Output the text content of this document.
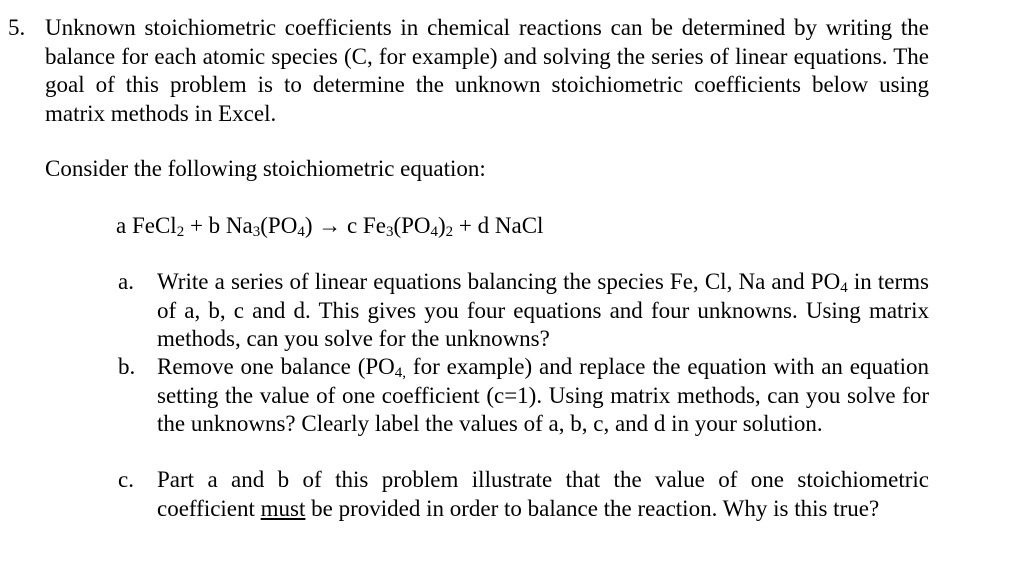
5. Unknown stoichiometric coefficients in chemical reactions can be determined by writing the balance for each atomic species (C, for example) and solving the series of linear equations. The goal of this problem is to determine the unknown stoichiometric coefficients below using matrix methods in Excel.
Consider the following stoichiometric equation:
a FeCl$_2$ + b $Na_3(PO_4) \to c$ $Fe_3(PO_4)_2 + d$ NaCl
a. Write a series of linear equations balancing the species Fe, Cl, Na and $PO_4$ in terms of a, b, c and d. This gives you four equations and four unknowns. Using matrix methods, can you solve for the unknowns?
b. Remove one balance ($PO_{4,}$ for example) and replace the equation with an equation setting the value of one coefficient (c=1). Using matrix methods, can you solve for the unknowns? Clearly label the values of a, b, c, and d in your solution.
c. Part a and b of this problem illustrate that the value of one stoichiometric coefficient must be provided in order to balance the reaction. Why is this true?
